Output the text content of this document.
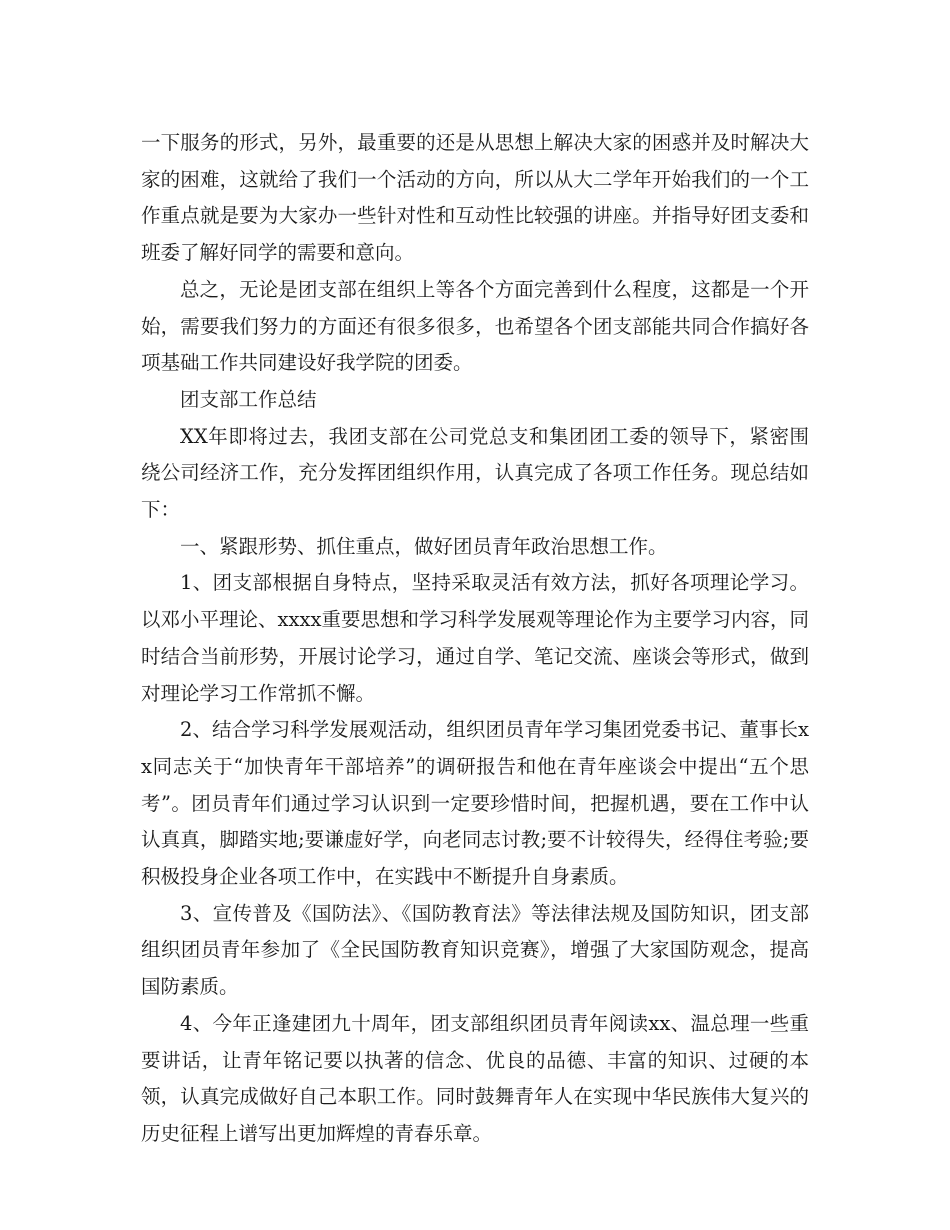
一下服务的形式，另外，最重要的还是从思想上解决大家的困惑并及时解决大家的困难，这就给了我们一个活动的方向，所以从大二学年开始我们的一个工作重点就是要为大家办一些针对性和互动性比较强的讲座。并指导好团支委和班委了解好同学的需要和意向。

总之，无论是团支部在组织上等各个方面完善到什么程度，这都是一个开始，需要我们努力的方面还有很多很多，也希望各个团支部能共同合作搞好各项基础工作共同建设好我学院的团委。

团支部工作总结

XX年即将过去，我团支部在公司党总支和集团团工委的领导下，紧密围绕公司经济工作，充分发挥团组织作用，认真完成了各项工作任务。现总结如下：

一、紧跟形势、抓住重点，做好团员青年政治思想工作。

1、团支部根据自身特点，坚持采取灵活有效方法，抓好各项理论学习。以邓小平理论、xxxx重要思想和学习科学发展观等理论作为主要学习内容，同时结合当前形势，开展讨论学习，通过自学、笔记交流、座谈会等形式，做到对理论学习工作常抓不懈。

2、结合学习科学发展观活动，组织团员青年学习集团党委书记、董事长xx同志关于“加快青年干部培养”的调研报告和他在青年座谈会中提出“五个思考”。团员青年们通过学习认识到一定要珍惜时间，把握机遇，要在工作中认认真真，脚踏实地;要谦虚好学，向老同志讨教;要不计较得失，经得住考验;要积极投身企业各项工作中，在实践中不断提升自身素质。

3、宣传普及《国防法》、《国防教育法》等法律法规及国防知识，团支部组织团员青年参加了《全民国防教育知识竞赛》，增强了大家国防观念，提高国防素质。

4、今年正逢建团九十周年，团支部组织团员青年阅读xx、温总理一些重要讲话，让青年铭记要以执著的信念、优良的品德、丰富的知识、过硬的本领，认真完成做好自己本职工作。同时鼓舞青年人在实现中华民族伟大复兴的历史征程上谱写出更加辉煌的青春乐章。
